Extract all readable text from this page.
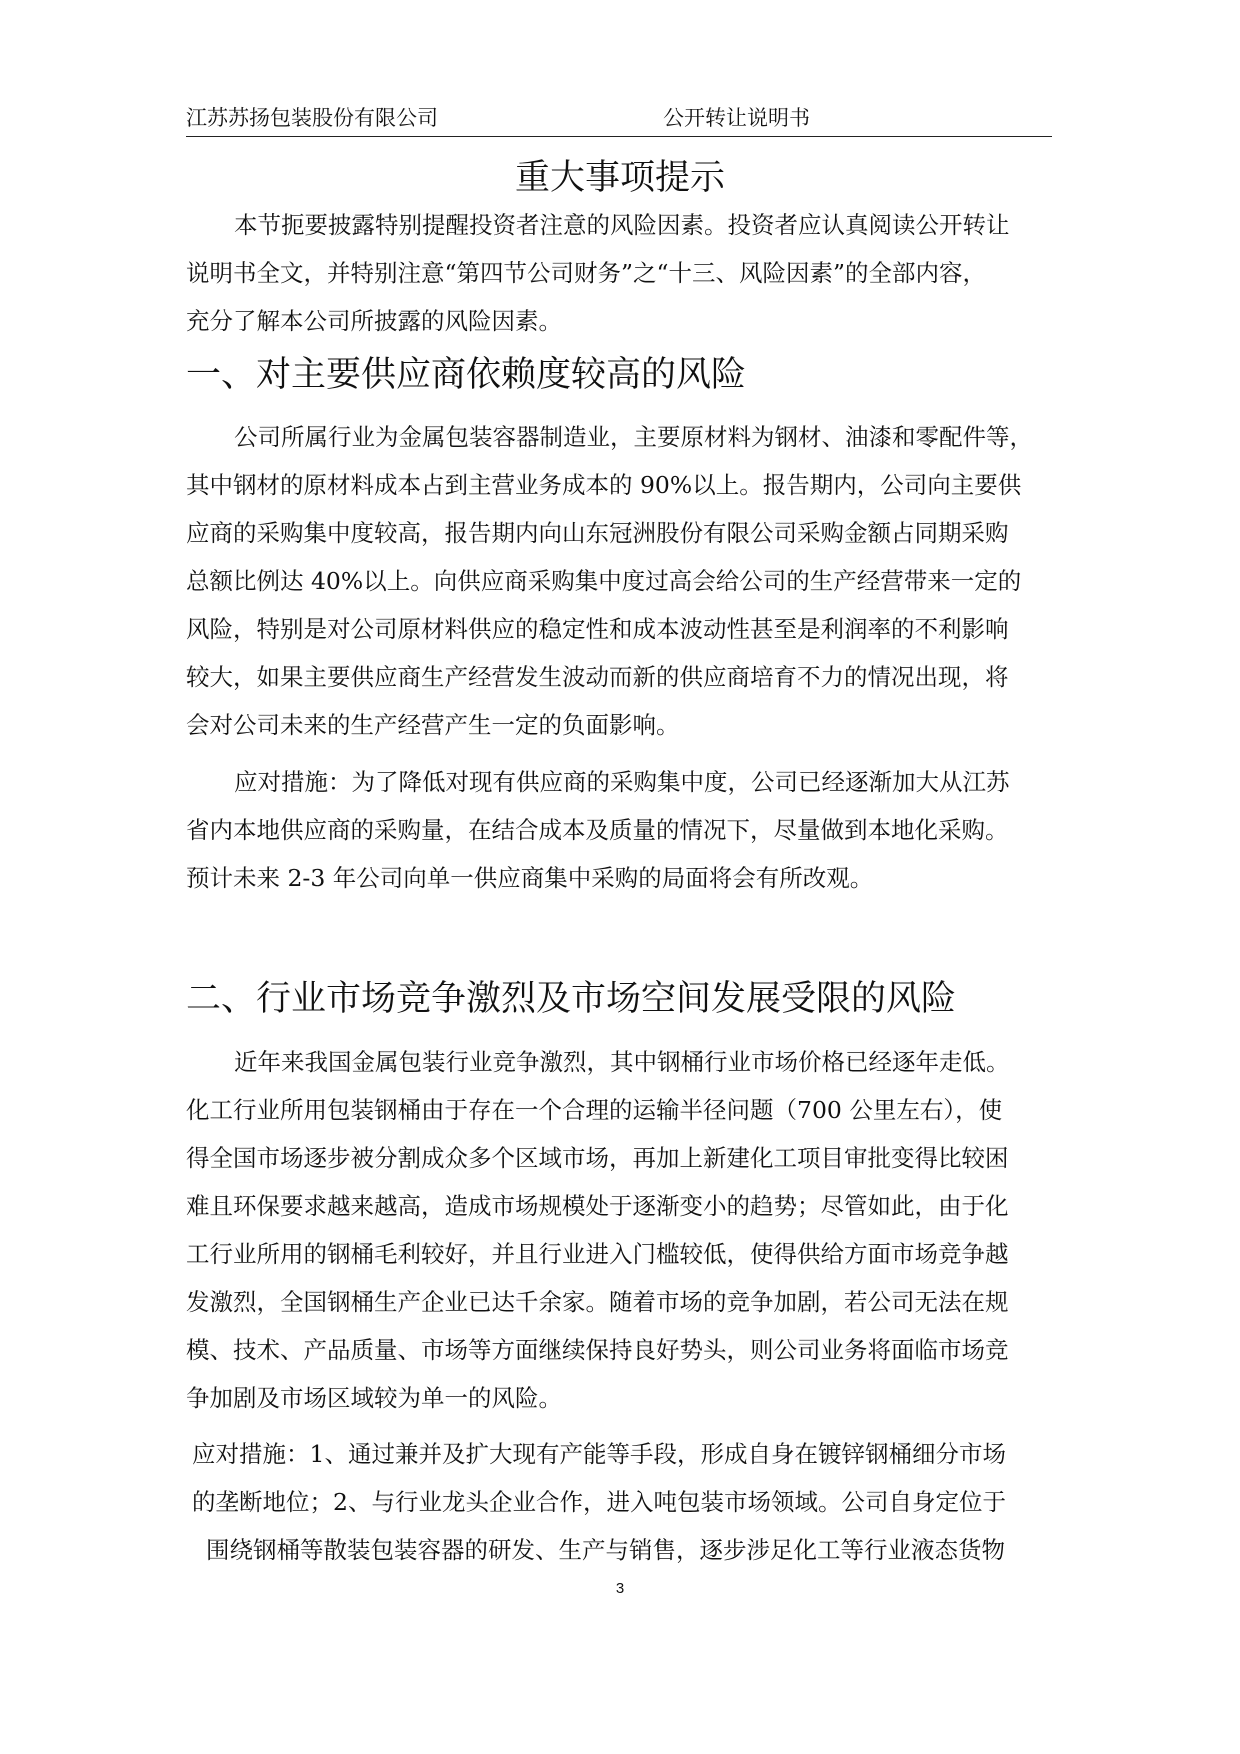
江苏苏扬包装股份有限公司	公开转让说明书
重大事项提示
本节扼要披露特别提醒投资者注意的风险因素。投资者应认真阅读公开转让
说明书全文，并特别注意“第四节公司财务”之“十三、风险因素”的全部内容，
充分了解本公司所披露的风险因素。
一、对主要供应商依赖度较高的风险
公司所属行业为金属包装容器制造业，主要原材料为钢材、油漆和零配件等，
其中钢材的原材料成本占到主营业务成本的 90%以上。报告期内，公司向主要供
应商的采购集中度较高，报告期内向山东冠洲股份有限公司采购金额占同期采购
总额比例达 40%以上。向供应商采购集中度过高会给公司的生产经营带来一定的
风险，特别是对公司原材料供应的稳定性和成本波动性甚至是利润率的不利影响
较大，如果主要供应商生产经营发生波动而新的供应商培育不力的情况出现，将
会对公司未来的生产经营产生一定的负面影响。
应对措施：为了降低对现有供应商的采购集中度，公司已经逐渐加大从江苏
省内本地供应商的采购量，在结合成本及质量的情况下，尽量做到本地化采购。
预计未来 2-3 年公司向单一供应商集中采购的局面将会有所改观。
二、行业市场竞争激烈及市场空间发展受限的风险
近年来我国金属包装行业竞争激烈，其中钢桶行业市场价格已经逐年走低。
化工行业所用包装钢桶由于存在一个合理的运输半径问题（700 公里左右），使
得全国市场逐步被分割成众多个区域市场，再加上新建化工项目审批变得比较困
难且环保要求越来越高，造成市场规模处于逐渐变小的趋势；尽管如此，由于化
工行业所用的钢桶毛利较好，并且行业进入门槛较低，使得供给方面市场竞争越
发激烈，全国钢桶生产企业已达千余家。随着市场的竞争加剧，若公司无法在规
模、技术、产品质量、市场等方面继续保持良好势头，则公司业务将面临市场竞
争加剧及市场区域较为单一的风险。
应对措施：1、通过兼并及扩大现有产能等手段，形成自身在镀锌钢桶细分市场
的垄断地位；2、与行业龙头企业合作，进入吨包装市场领域。公司自身定位于
围绕钢桶等散装包装容器的研发、生产与销售，逐步涉足化工等行业液态货物
3
